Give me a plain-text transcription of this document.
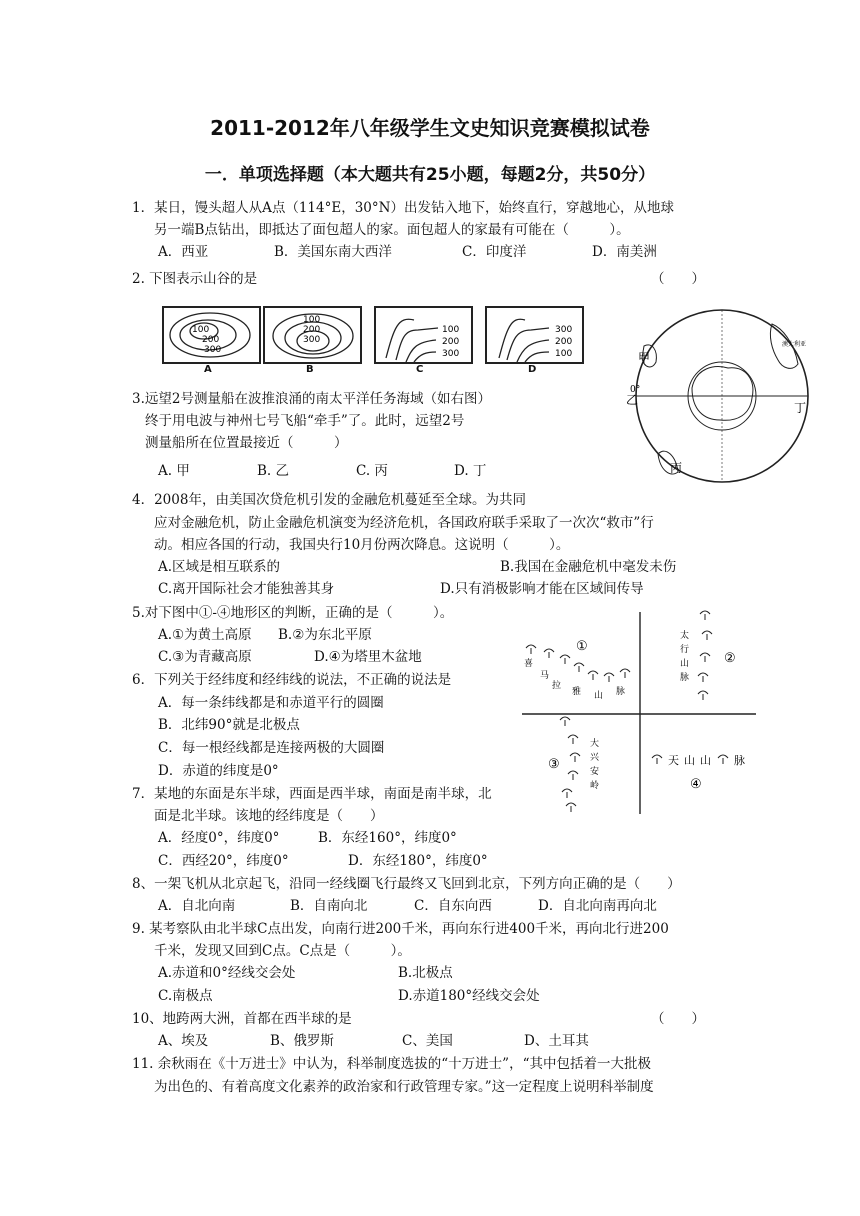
2011-2012年八年级学生文史知识竞赛模拟试卷
一．单项选择题（本大题共有25小题，每题2分，共50分）
1．某日，馒头超人从A点（114°E，30°N）出发钻入地下，始终直行，穿越地心，从地球
另一端B点钻出，即抵达了面包超人的家。面包超人的家最有可能在（　　　）。
A．西亚	B．美国东南大西洋	C．印度洋	D．南美洲
2. 下图表示山谷的是	（　　）
100
200
300
100
200
300
100
200
300
300
200
100
A	B	C	D
甲
乙
丙
丁
0°
澳大利亚
3.远望2号测量船在波推浪涌的南太平洋任务海域（如右图）
终于用电波与神州七号飞船“牵手”了。此时，远望2号
测量船所在位置最接近（　　　）
A. 甲	B. 乙	C. 丙	D. 丁
4．2008年，由美国次贷危机引发的金融危机蔓延至全球。为共同
应对金融危机，防止金融危机演变为经济危机，各国政府联手采取了一次次“救市”行
动。相应各国的行动，我国央行10月份两次降息。这说明（　　　）。
A.区域是相互联系的	B.我国在金融危机中毫发未伤
C.离开国际社会才能独善其身	D.只有消极影响才能在区域间传导
5.对下图中①-④地形区的判断，正确的是（　　　）。
A.①为黄土高原 B.②为东北平原
C.③为青藏高原	D.④为塔里木盆地
①
②
③
④
喜
马
拉
雅 山 脉
太
行
山
脉
大
兴
安
岭
天 山 山 脉
6．下列关于经纬度和经纬线的说法，不正确的说法是
A．每一条纬线都是和赤道平行的圆圈
B．北纬90°就是北极点
C．每一根经线都是连接两极的大圆圈
D．赤道的纬度是0°
7．某地的东面是东半球，西面是西半球，南面是南半球，北
面是北半球。该地的经纬度是（　　）
A．经度0°，纬度0°	B．东经160°，纬度0°
C．西经20°，纬度0°	D．东经180°，纬度0°
8、一架飞机从北京起飞，沿同一经线圈飞行最终又飞回到北京，下列方向正确的是（　　）
A．自北向南	B．自南向北	C．自东向西	D．自北向南再向北
9. 某考察队由北半球C点出发，向南行进200千米，再向东行进400千米，再向北行进200
千米，发现又回到C点。C点是（　　　）。
A.赤道和0°经线交会处	B.北极点
C.南极点	D.赤道180°经线交会处
10、地跨两大洲，首都在西半球的是	（　　）
A、埃及	B、俄罗斯	C、美国	D、土耳其
11. 余秋雨在《十万进士》中认为，科举制度选拔的“十万进士”，“其中包括着一大批极
为出色的、有着高度文化素养的政治家和行政管理专家。”这一定程度上说明科举制度
